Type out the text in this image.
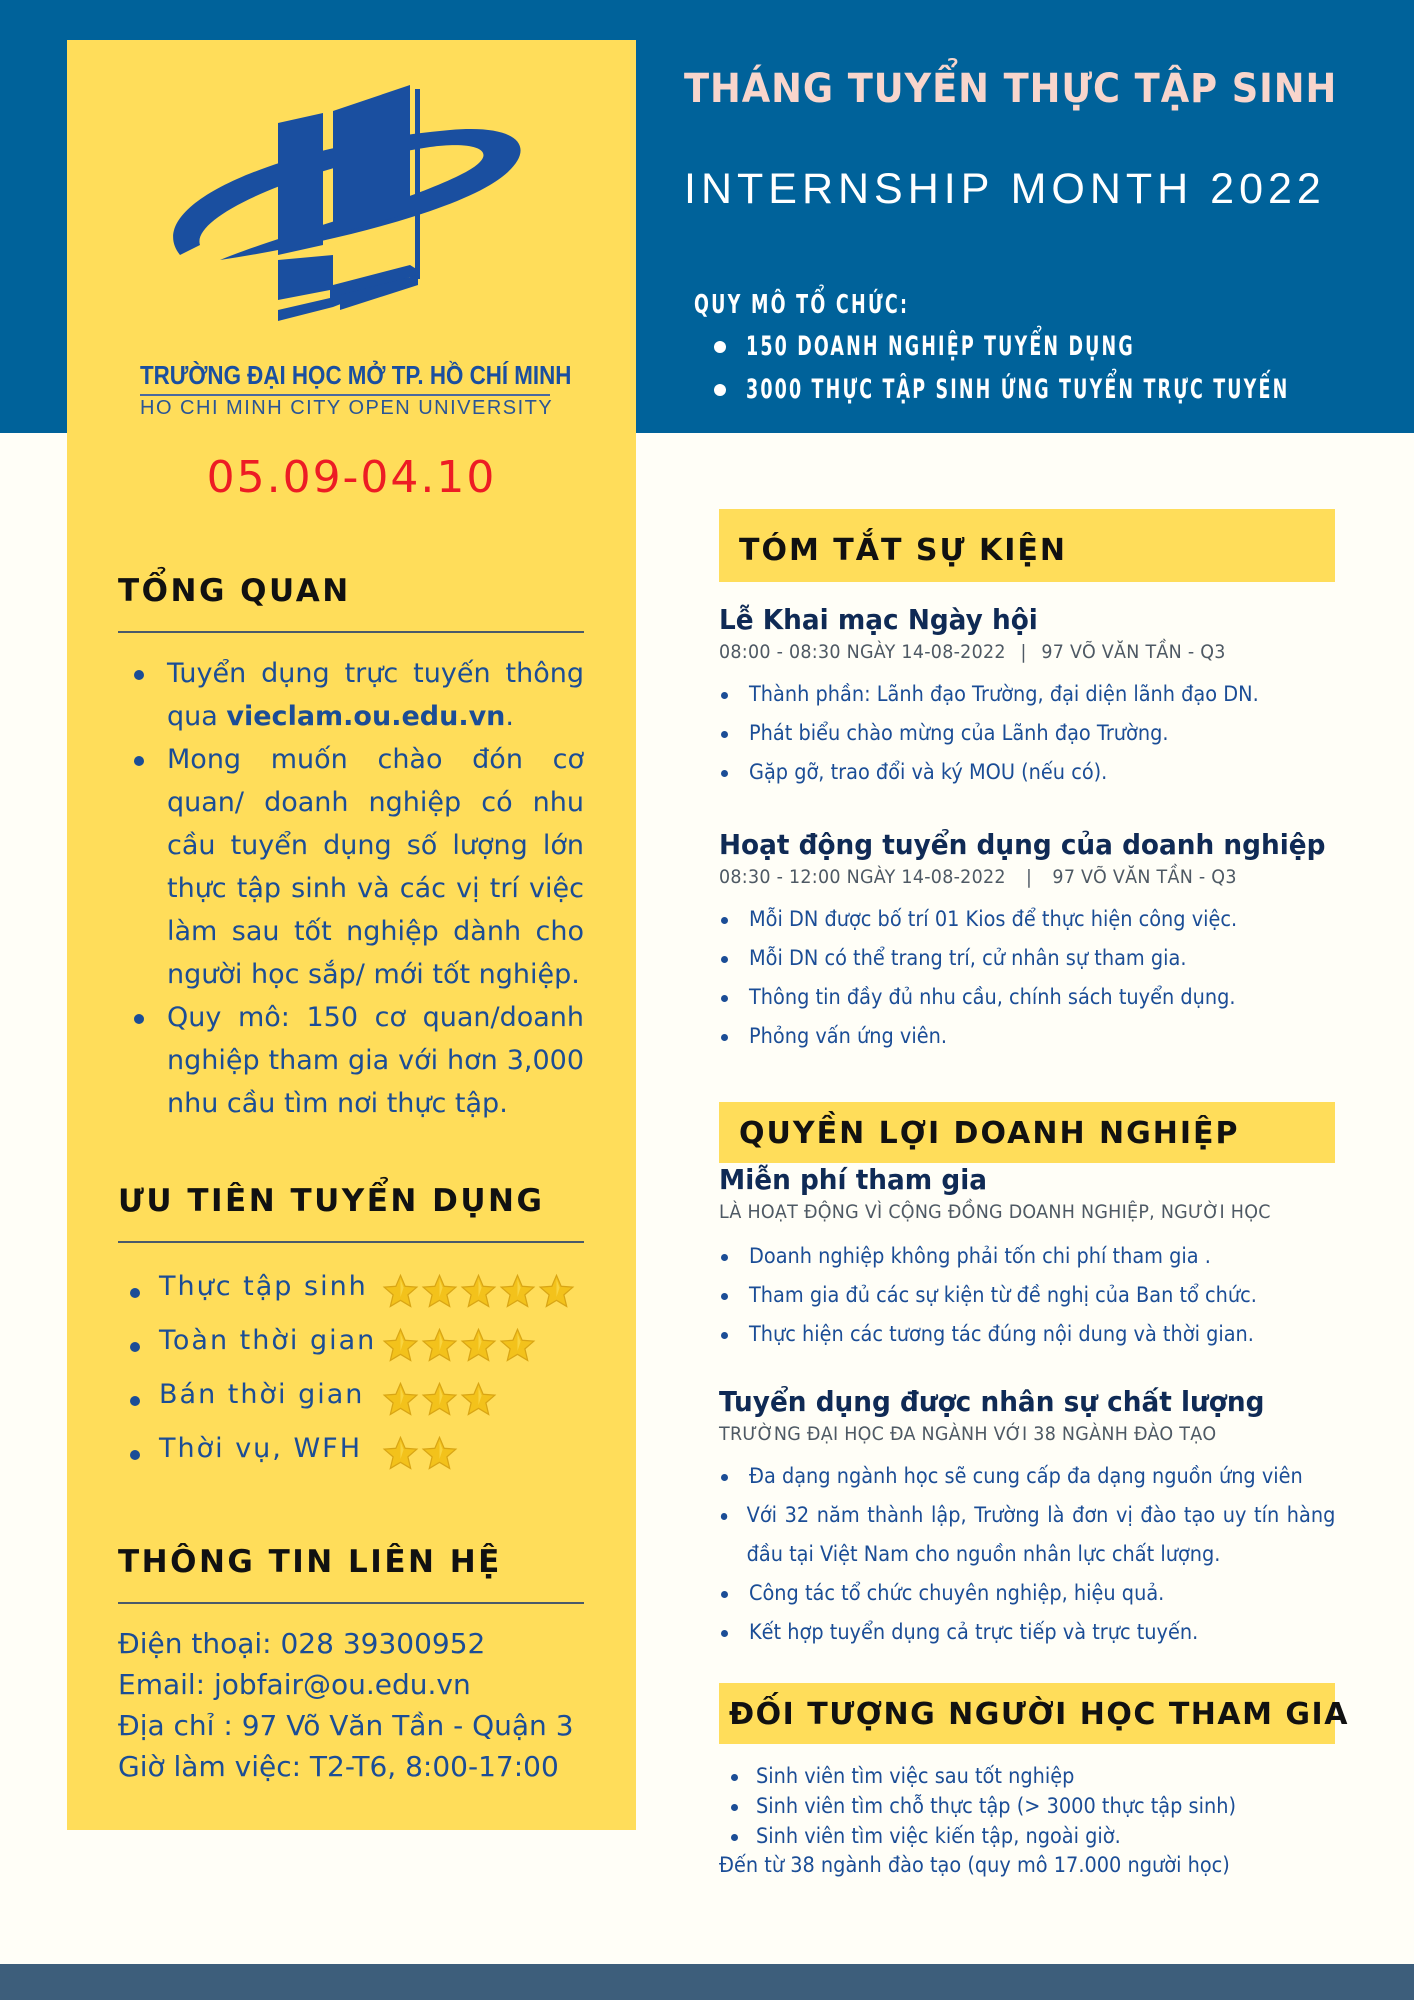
THÁNG TUYỂN THỰC TẬP SINH
INTERNSHIP MONTH 2022
QUY MÔ TỔ CHỨC:
150 DOANH NGHIỆP TUYỂN DỤNG
3000 THỰC TẬP SINH ỨNG TUYỂN TRỰC TUYẾN
TRƯỜNG ĐẠI HỌC MỞ TP. HỒ CHÍ MINH
HO CHI MINH CITY OPEN UNIVERSITY
05.09-04.10
TỔNG QUAN
Tuyển dụng trực tuyến thông qua vieclam.ou.edu.vn.
Mong muốn chào đón cơ quan/ doanh nghiệp có nhu cầu tuyển dụng số lượng lớn thực tập sinh và các vị trí việc làm sau tốt nghiệp dành cho người học sắp/ mới tốt nghiệp.
Quy mô: 150 cơ quan/doanh nghiệp tham gia với hơn 3,000 nhu cầu tìm nơi thực tập.
ƯU TIÊN TUYỂN DỤNG
Thực tập sinh
Toàn thời gian
Bán thời gian
Thời vụ, WFH
THÔNG TIN LIÊN HỆ
Điện thoại: 028 39300952
Email: jobfair@ou.edu.vn
Địa chỉ : 97 Võ Văn Tần - Quận 3
Giờ làm việc: T2-T6, 8:00-17:00
TÓM TẮT SỰ KIỆN
Lễ Khai mạc Ngày hội
08:00 - 08:30 NGÀY 14-08-2022 | 97 VÕ VĂN TẦN - Q3
Thành phần: Lãnh đạo Trường, đại diện lãnh đạo DN.
Phát biểu chào mừng của Lãnh đạo Trường.
Gặp gỡ, trao đổi và ký MOU (nếu có).
Hoạt động tuyển dụng của doanh nghiệp
08:30 - 12:00 NGÀY 14-08-2022 | 97 VÕ VĂN TẦN - Q3
Mỗi DN được bố trí 01 Kios để thực hiện công việc.
Mỗi DN có thể trang trí, cử nhân sự tham gia.
Thông tin đầy đủ nhu cầu, chính sách tuyển dụng.
Phỏng vấn ứng viên.
QUYỀN LỢI DOANH NGHIỆP
Miễn phí tham gia
LÀ HOẠT ĐỘNG VÌ CỘNG ĐỒNG DOANH NGHIỆP, NGƯỜI HỌC
Doanh nghiệp không phải tốn chi phí tham gia .
Tham gia đủ các sự kiện từ đề nghị của Ban tổ chức.
Thực hiện các tương tác đúng nội dung và thời gian.
Tuyển dụng được nhân sự chất lượng
TRƯỜNG ĐẠI HỌC ĐA NGÀNH VỚI 38 NGÀNH ĐÀO TẠO
Đa dạng ngành học sẽ cung cấp đa dạng nguồn ứng viên
Với 32 năm thành lập, Trường là đơn vị đào tạo uy tín hàng đầu tại Việt Nam cho nguồn nhân lực chất lượng.
Công tác tổ chức chuyên nghiệp, hiệu quả.
Kết hợp tuyển dụng cả trực tiếp và trực tuyến.
ĐỐI TƯỢNG NGƯỜI HỌC THAM GIA
Sinh viên tìm việc sau tốt nghiệp
Sinh viên tìm chỗ thực tập (> 3000 thực tập sinh)
Sinh viên tìm việc kiến tập, ngoài giờ.
Đến từ 38 ngành đào tạo (quy mô 17.000 người học)
